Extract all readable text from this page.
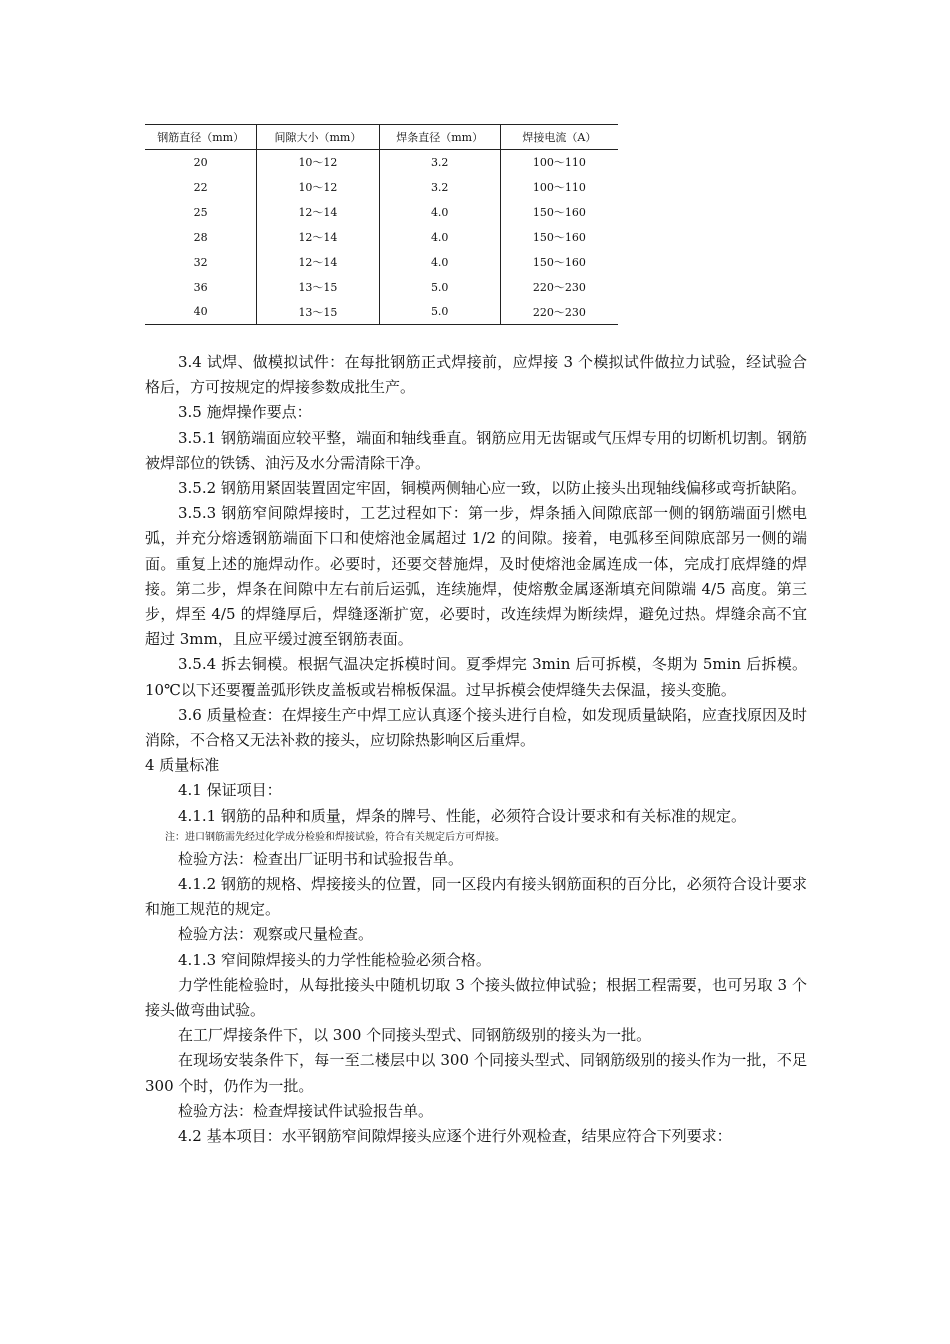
钢筋直径（mm）	间隙大小（mm）	焊条直径（mm）	焊接电流（A）
20	10～12	3.2	100～110
22	10～12	3.2	100～110
25	12～14	4.0	150～160
28	12～14	4.0	150～160
32	12～14	4.0	150～160
36	13～15	5.0	220～230
40	13～15	5.0	220～230

3.4 试焊、做模拟试件：在每批钢筋正式焊接前，应焊接 3 个模拟试件做拉力试验，经试验合格后，方可按规定的焊接参数成批生产。

3.5 施焊操作要点：

3.5.1 钢筋端面应较平整，端面和轴线垂直。钢筋应用无齿锯或气压焊专用的切断机切割。钢筋被焊部位的铁锈、油污及水分需清除干净。

3.5.2 钢筋用紧固装置固定牢固，铜模两侧轴心应一致，以防止接头出现轴线偏移或弯折缺陷。

3.5.3 钢筋窄间隙焊接时，工艺过程如下：第一步，焊条插入间隙底部一侧的钢筋端面引燃电弧，并充分熔透钢筋端面下口和使熔池金属超过 1/2 的间隙。接着，电弧移至间隙底部另一侧的端面。重复上述的施焊动作。必要时，还要交替施焊，及时使熔池金属连成一体，完成打底焊缝的焊接。第二步，焊条在间隙中左右前后运弧，连续施焊，使熔敷金属逐渐填充间隙端 4/5 高度。第三步，焊至 4/5 的焊缝厚后，焊缝逐渐扩宽，必要时，改连续焊为断续焊，避免过热。焊缝余高不宜超过 3mm，且应平缓过渡至钢筋表面。

3.5.4 拆去铜模。根据气温决定拆模时间。夏季焊完 3min 后可拆模，冬期为 5min 后拆模。10℃以下还要覆盖弧形铁皮盖板或岩棉板保温。过早拆模会使焊缝失去保温，接头变脆。

3.6 质量检查：在焊接生产中焊工应认真逐个接头进行自检，如发现质量缺陷，应查找原因及时消除，不合格又无法补救的接头，应切除热影响区后重焊。

4 质量标准

4.1 保证项目：

4.1.1 钢筋的品种和质量，焊条的牌号、性能，必须符合设计要求和有关标准的规定。

注：进口钢筋需先经过化学成分检验和焊接试验，符合有关规定后方可焊接。

检验方法：检查出厂证明书和试验报告单。

4.1.2 钢筋的规格、焊接接头的位置，同一区段内有接头钢筋面积的百分比，必须符合设计要求和施工规范的规定。

检验方法：观察或尺量检查。

4.1.3 窄间隙焊接头的力学性能检验必须合格。

力学性能检验时，从每批接头中随机切取 3 个接头做拉伸试验；根据工程需要，也可另取 3 个接头做弯曲试验。

在工厂焊接条件下，以 300 个同接头型式、同钢筋级别的接头为一批。

在现场安装条件下，每一至二楼层中以 300 个同接头型式、同钢筋级别的接头作为一批，不足 300 个时，仍作为一批。

检验方法：检查焊接试件试验报告单。

4.2 基本项目：水平钢筋窄间隙焊接头应逐个进行外观检查，结果应符合下列要求：
